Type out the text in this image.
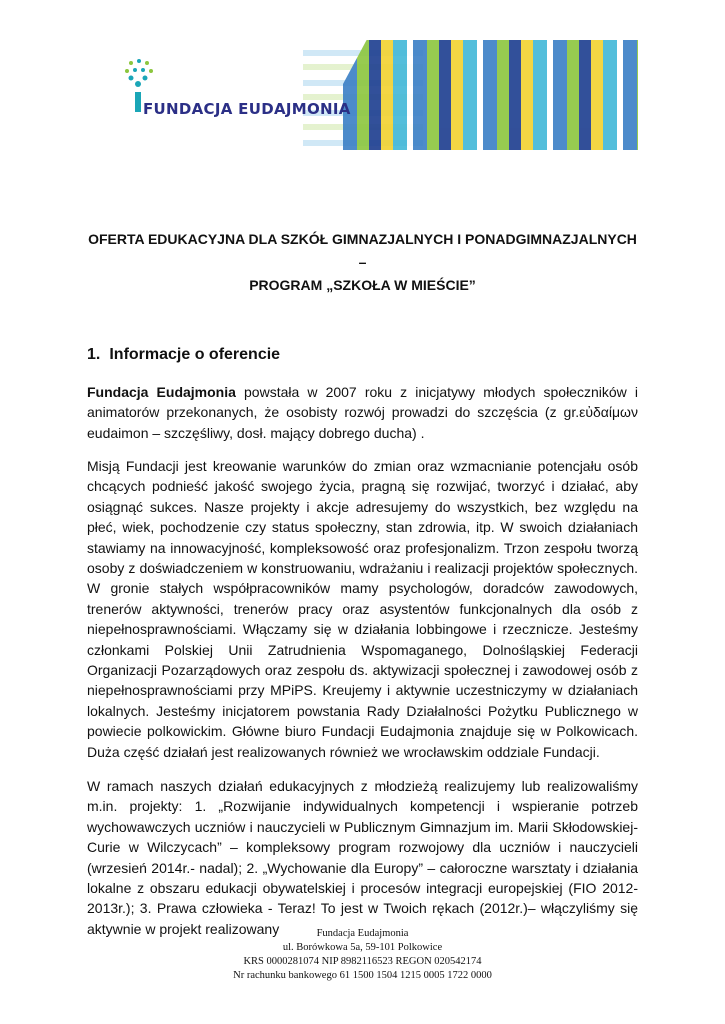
FUNDACJA EUDAJMONIA
OFERTA EDUKACYJNA DLA SZKÓŁ GIMNAZJALNYCH I PONADGIMNAZJALNYCH
–
PROGRAM „SZKOŁA W MIEŚCIE”
1. Informacje o oferencie
Fundacja Eudajmonia powstała w 2007 roku z inicjatywy młodych społeczników i animatorów przekonanych, że osobisty rozwój prowadzi do szczęścia (z gr.εὐδαίμων eudaimon – szczęśliwy, dosł. mający dobrego ducha) .
Misją Fundacji jest kreowanie warunków do zmian oraz wzmacnianie potencjału osób chcących podnieść jakość swojego życia, pragną się rozwijać, tworzyć i działać, aby osiągnąć sukces. Nasze projekty i akcje adresujemy do wszystkich, bez względu na płeć, wiek, pochodzenie czy status społeczny, stan zdrowia, itp. W swoich działaniach stawiamy na innowacyjność, kompleksowość oraz profesjonalizm. Trzon zespołu tworzą osoby z doświadczeniem w konstruowaniu, wdrażaniu i realizacji projektów społecznych. W gronie stałych współpracowników mamy psychologów, doradców zawodowych, trenerów aktywności, trenerów pracy oraz asystentów funkcjonalnych dla osób z niepełnosprawnościami. Włączamy się w działania lobbingowe i rzecznicze. Jesteśmy członkami Polskiej Unii Zatrudnienia Wspomaganego, Dolnośląskiej Federacji Organizacji Pozarządowych oraz zespołu ds. aktywizacji społecznej i zawodowej osób z niepełnosprawnościami przy MPiPS. Kreujemy i aktywnie uczestniczymy w działaniach lokalnych. Jesteśmy inicjatorem powstania Rady Działalności Pożytku Publicznego w powiecie polkowickim. Główne biuro Fundacji Eudajmonia znajduje się w Polkowicach. Duża część działań jest realizowanych również we wrocławskim oddziale Fundacji.
W ramach naszych działań edukacyjnych z młodzieżą realizujemy lub realizowaliśmy m.in. projekty: 1. „Rozwijanie indywidualnych kompetencji i wspieranie potrzeb wychowawczych uczniów i nauczycieli w Publicznym Gimnazjum im. Marii Skłodowskiej-Curie w Wilczycach” – kompleksowy program rozwojowy dla uczniów i nauczycieli (wrzesień 2014r.- nadal); 2. „Wychowanie dla Europy” – całoroczne warsztaty i działania lokalne z obszaru edukacji obywatelskiej i procesów integracji europejskiej (FIO 2012-2013r.); 3. Prawa człowieka - Teraz! To jest w Twoich rękach (2012r.)– włączyliśmy się aktywnie w projekt realizowany	Fundacja Eudajmonia
ul. Borówkowa 5a, 59-101 Polkowice
KRS 0000281074 NIP 8982116523 REGON 020542174
Nr rachunku bankowego 61 1500 1504 1215 0005 1722 0000
